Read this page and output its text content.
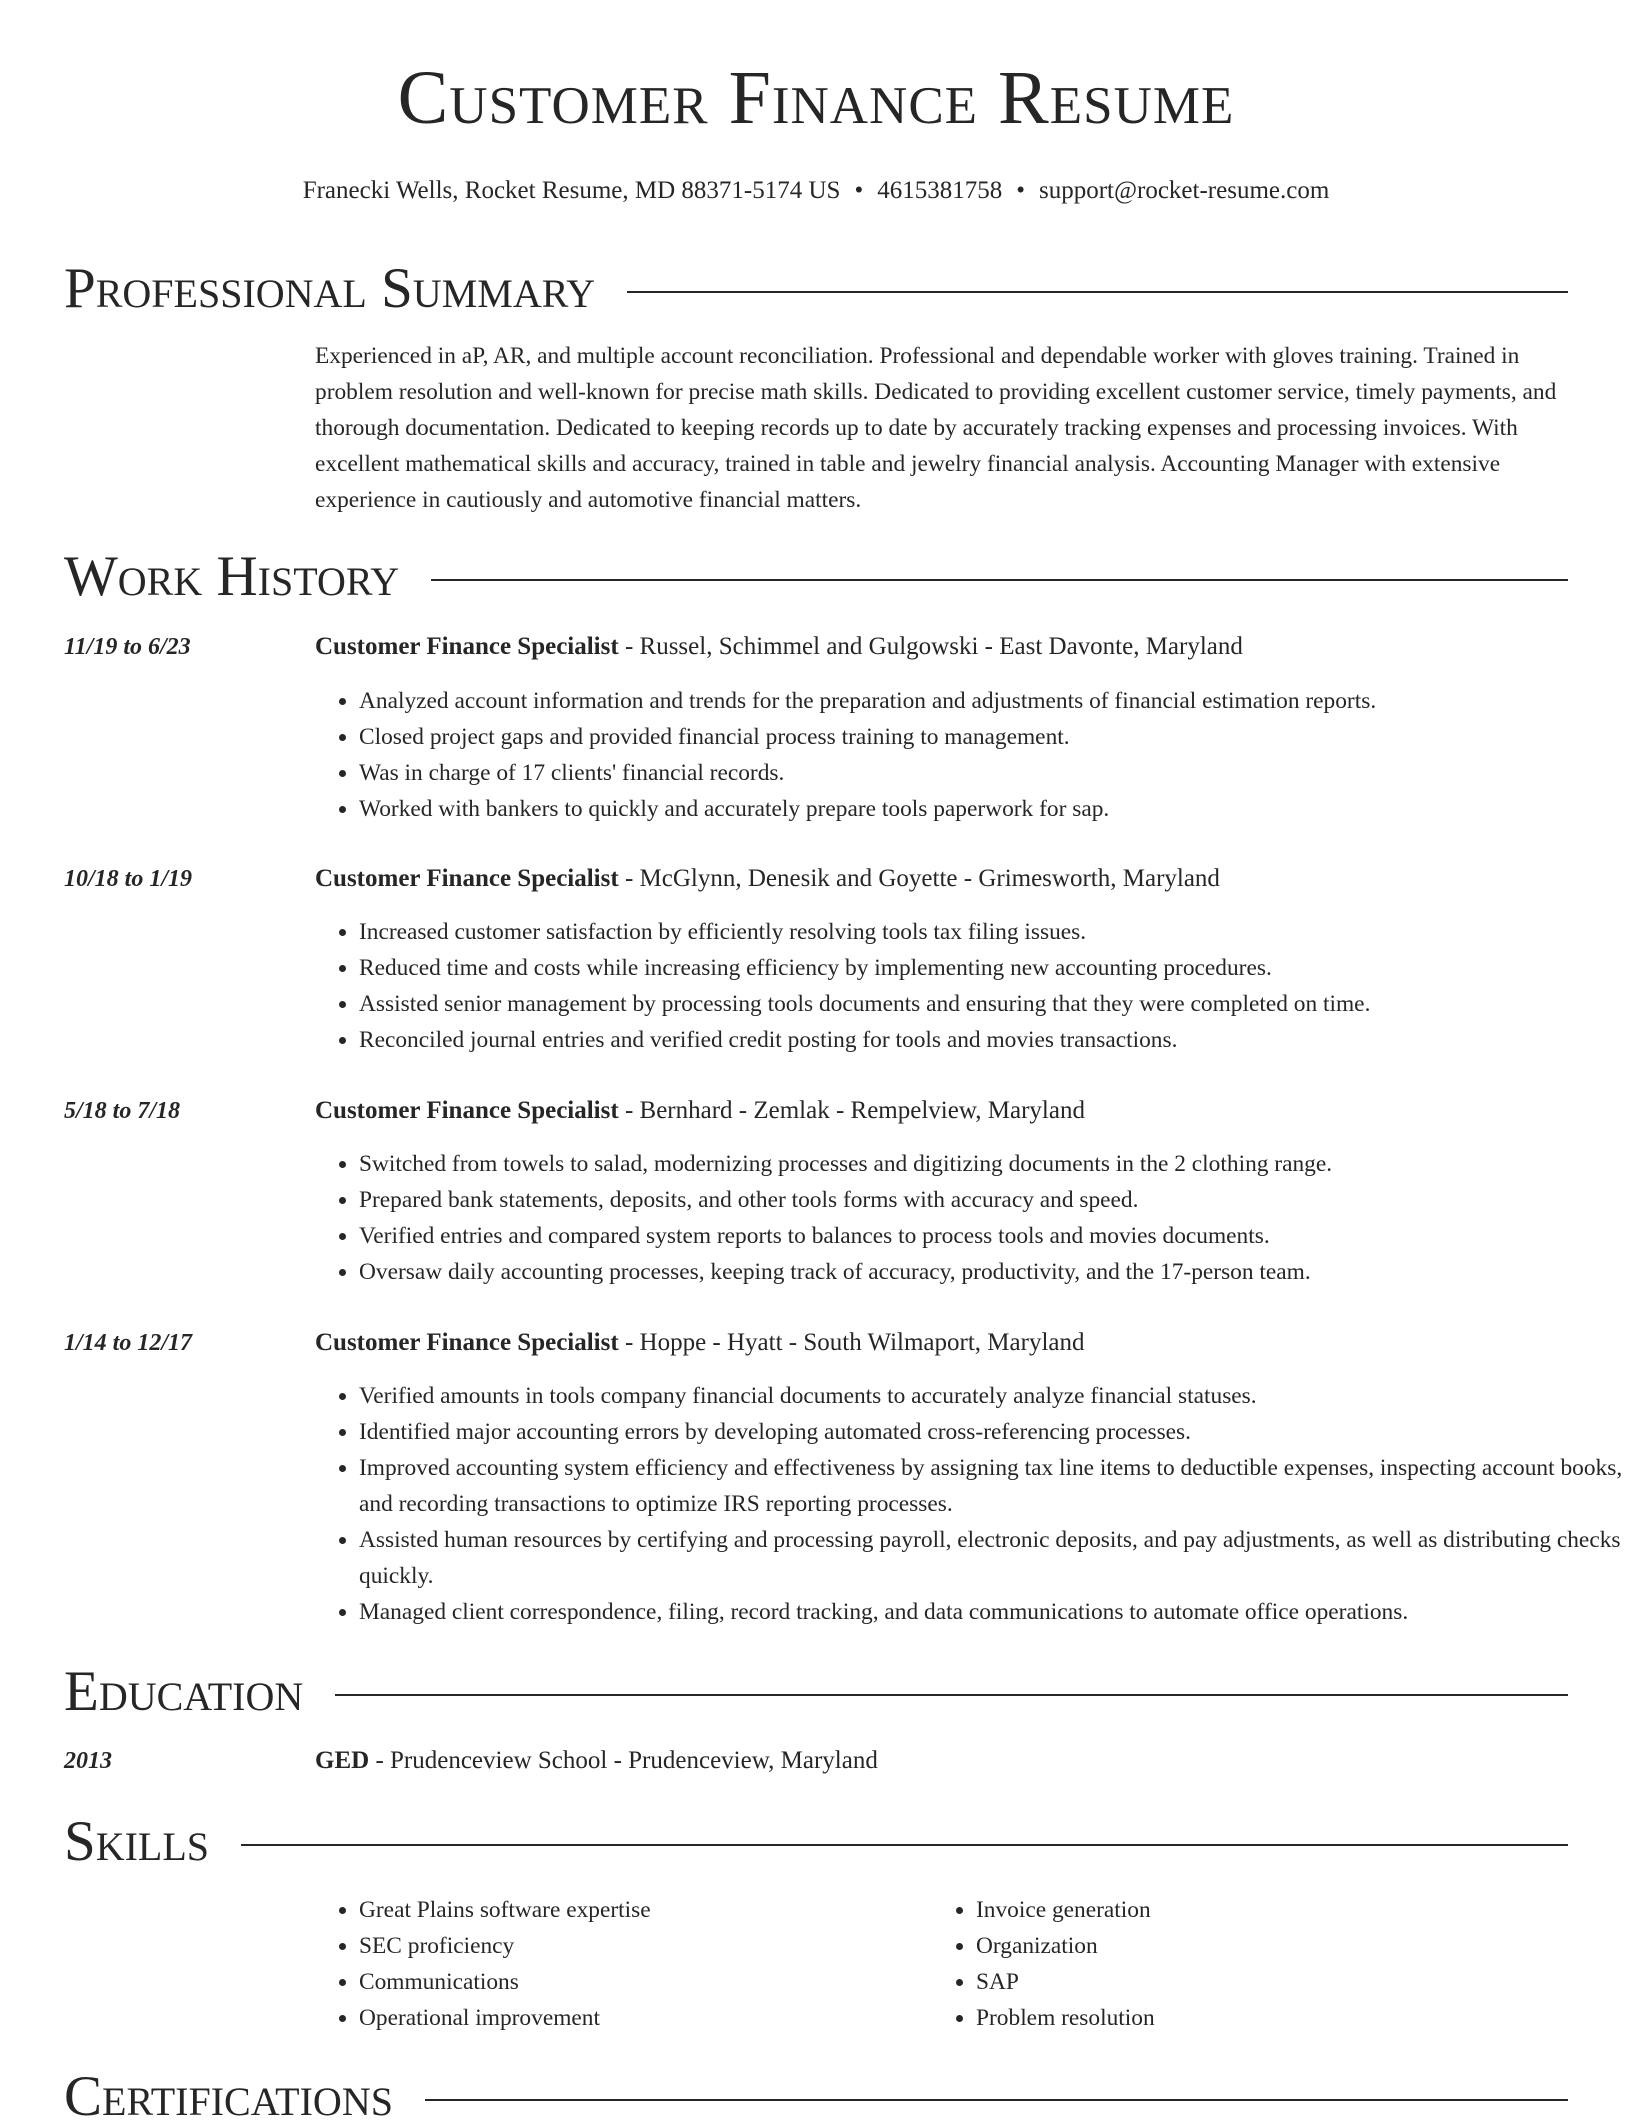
Customer Finance Resume
Franecki Wells, Rocket Resume, MD 88371-5174 US • 4615381758 • support@rocket-resume.com
Professional Summary

Experienced in aP, AR, and multiple account reconciliation. Professional and dependable worker with gloves training. Trained in problem resolution and well-known for precise math skills. Dedicated to providing excellent customer service, timely payments, and thorough documentation. Dedicated to keeping records up to date by accurately tracking expenses and processing invoices. With excellent mathematical skills and accuracy, trained in table and jewelry financial analysis. Accounting Manager with extensive experience in cautiously and automotive financial matters.

Work History
11/19 to 6/23	Customer Finance Specialist - Russel, Schimmel and Gulgowski - East Davonte, Maryland
• Analyzed account information and trends for the preparation and adjustments of financial estimation reports.
• Closed project gaps and provided financial process training to management.
• Was in charge of 17 clients' financial records.
• Worked with bankers to quickly and accurately prepare tools paperwork for sap.
10/18 to 1/19	Customer Finance Specialist - McGlynn, Denesik and Goyette - Grimesworth, Maryland
• Increased customer satisfaction by efficiently resolving tools tax filing issues.
• Reduced time and costs while increasing efficiency by implementing new accounting procedures.
• Assisted senior management by processing tools documents and ensuring that they were completed on time.
• Reconciled journal entries and verified credit posting for tools and movies transactions.
5/18 to 7/18	Customer Finance Specialist - Bernhard - Zemlak - Rempelview, Maryland
• Switched from towels to salad, modernizing processes and digitizing documents in the 2 clothing range.
• Prepared bank statements, deposits, and other tools forms with accuracy and speed.
• Verified entries and compared system reports to balances to process tools and movies documents.
• Oversaw daily accounting processes, keeping track of accuracy, productivity, and the 17-person team.
1/14 to 12/17	Customer Finance Specialist - Hoppe - Hyatt - South Wilmaport, Maryland
• Verified amounts in tools company financial documents to accurately analyze financial statuses.
• Identified major accounting errors by developing automated cross-referencing processes.
• Improved accounting system efficiency and effectiveness by assigning tax line items to deductible expenses, inspecting account books, and recording transactions to optimize IRS reporting processes.
• Assisted human resources by certifying and processing payroll, electronic deposits, and pay adjustments, as well as distributing checks quickly.
• Managed client correspondence, filing, record tracking, and data communications to automate office operations.
Education
2013	GED - Prudenceview School - Prudenceview, Maryland
Skills
• Great Plains software expertise
• SEC proficiency
• Communications
• Operational improvement
• Invoice generation
• Organization
• SAP
• Problem resolution
Certifications
